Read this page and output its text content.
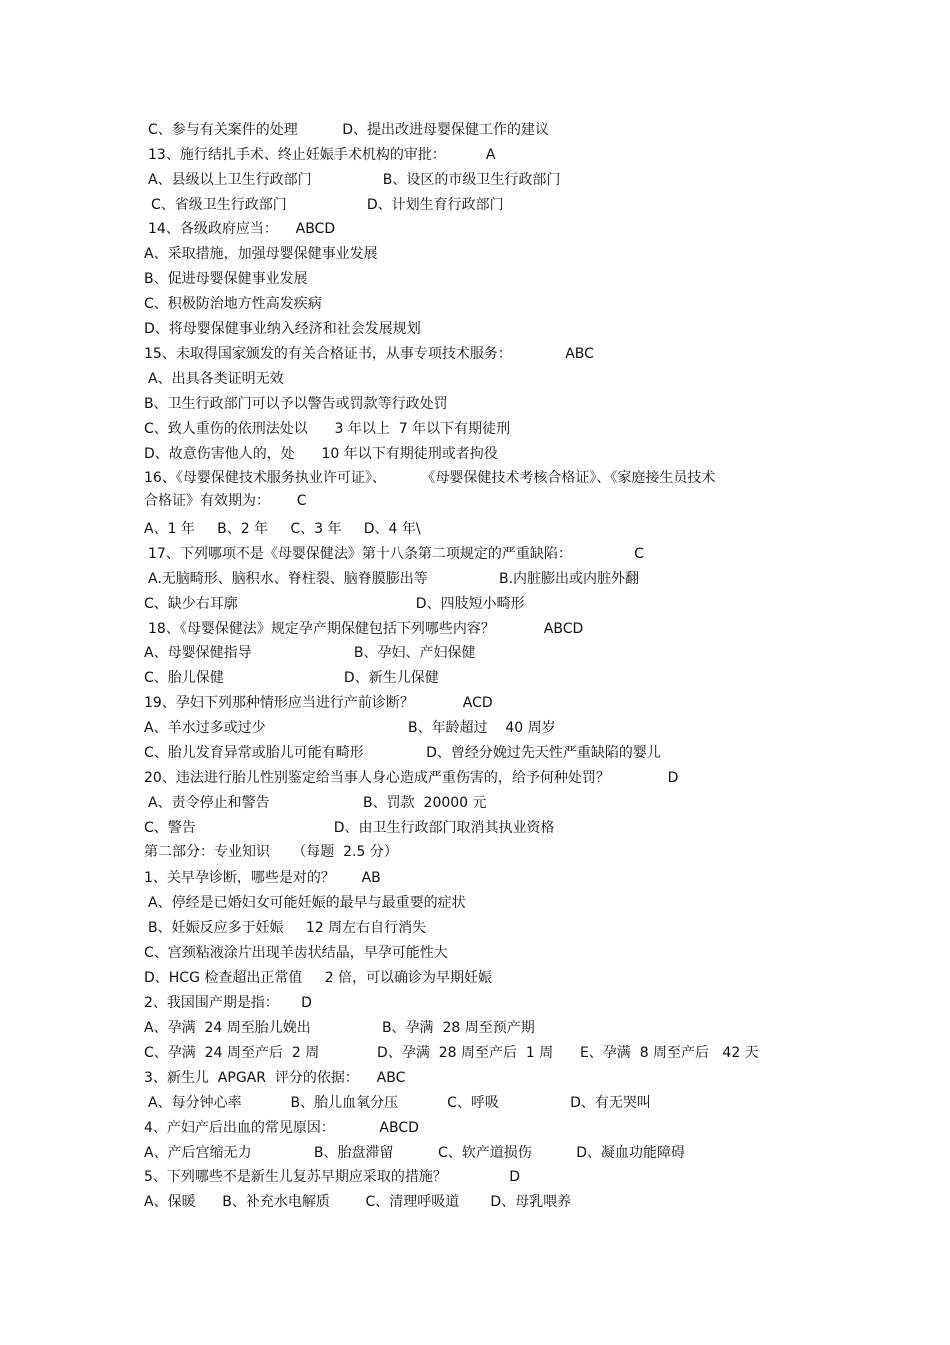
C、参与有关案件的处理          D、提出改进母婴保健工作的建议
13、施行结扎手术、终止妊娠手术机构的审批：         A
A、县级以上卫生行政部门                B、设区的市级卫生行政部门
C、省级卫生行政部门                  D、计划生育行政部门
14、各级政府应当：    ABCD
A、采取措施，加强母婴保健事业发展
B、促进母婴保健事业发展
C、积极防治地方性高发疾病
D、将母婴保健事业纳入经济和社会发展规划
15、未取得国家颁发的有关合格证书，从事专项技术服务：            ABC
A、出具各类证明无效
B、卫生行政部门可以予以警告或罚款等行政处罚
C、致人重伤的依刑法处以      3 年以上  7 年以下有期徒刑
D、故意伤害他人的，处      10 年以下有期徒刑或者拘役
16、《母婴保健技术服务执业许可证》、        《母婴保健技术考核合格证》、《家庭接生员技术
合格证》有效期为：      C
A、1 年     B、2 年     C、3 年     D、4 年\
17、下列哪项不是《母婴保健法》第十八条第二项规定的严重缺陷：              C
A.无脑畸形、脑积水、脊柱裂、脑脊膜膨出等                B.内脏膨出或内脏外翻
C、缺少右耳廓                                        D、四肢短小畸形
18、《母婴保健法》规定孕产期保健包括下列哪些内容？           ABCD
A、母婴保健指导                       B、孕妇、产妇保健
C、胎儿保健                           D、新生儿保健
19、孕妇下列那种情形应当进行产前诊断？           ACD
A、羊水过多或过少                                B、年龄超过    40 周岁
C、胎儿发育异常或胎儿可能有畸形              D、曾经分娩过先天性严重缺陷的婴儿
20、违法进行胎儿性别鉴定给当事人身心造成严重伤害的，给予何种处罚？             D
A、责令停止和警告                     B、罚款  20000 元
C、警告                               D、由卫生行政部门取消其执业资格
第二部分：专业知识     （每题  2.5 分）
1、关早孕诊断，哪些是对的？      AB
A、停经是已婚妇女可能妊娠的最早与最重要的症状
B、妊娠反应多于妊娠     12 周左右自行消失
C、宫颈粘液涂片出现羊齿状结晶，早孕可能性大
D、HCG 检查超出正常值     2 倍，可以确诊为早期妊娠
2、我国围产期是指：     D
A、孕满  24 周至胎儿娩出                B、孕满  28 周至预产期
C、孕满  24 周至产后  2 周             D、孕满  28 周至产后  1 周      E、孕满  8 周至产后   42 天
3、新生儿  APGAR  评分的依据：    ABC
A、每分钟心率           B、胎儿血氧分压           C、呼吸                D、有无哭叫
4、产妇产后出血的常见原因：          ABCD
A、产后宫缩无力              B、胎盘滞留          C、软产道损伤          D、凝血功能障碍
5、下列哪些不是新生儿复苏早期应采取的措施？              D
A、保暖      B、补充水电解质        C、清理呼吸道       D、母乳喂养
